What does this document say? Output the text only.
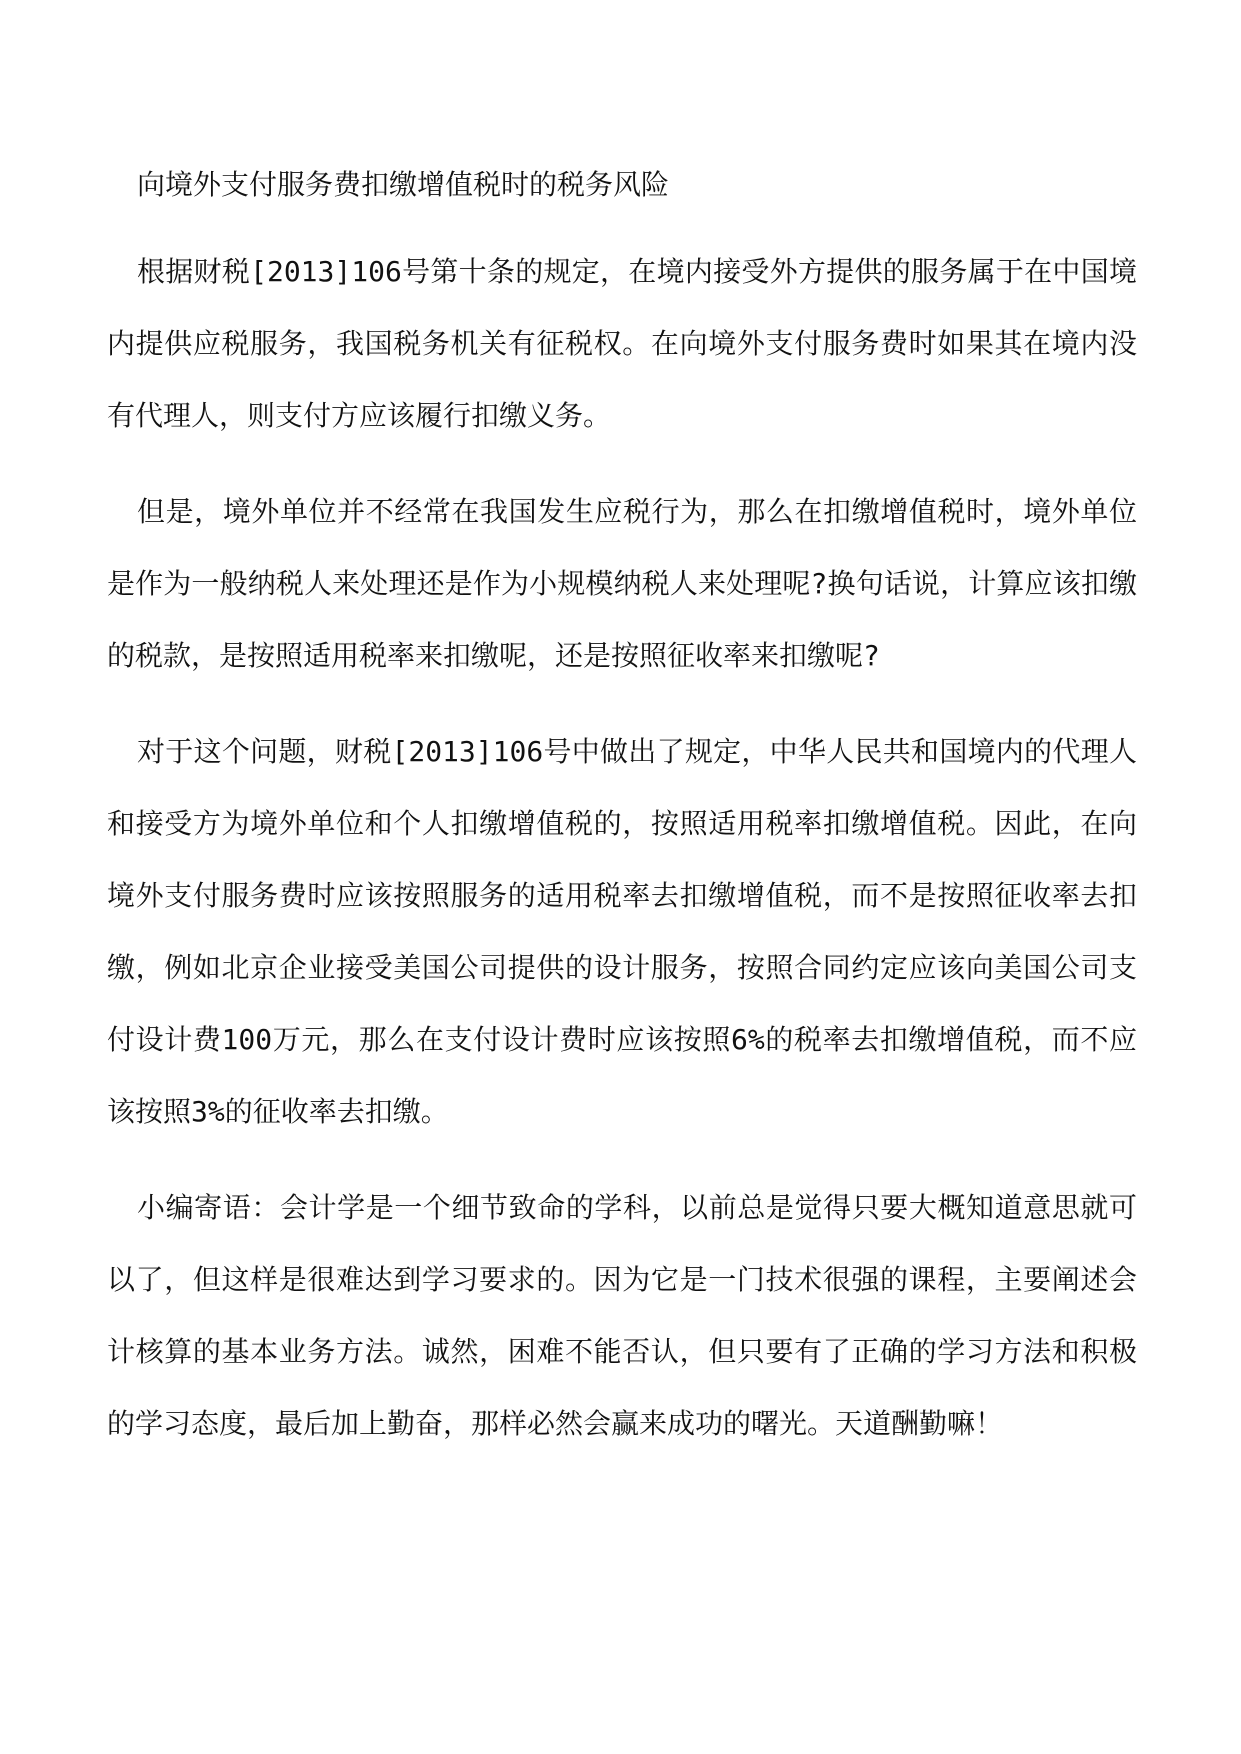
向境外支付服务费扣缴增值税时的税务风险

根据财税[2013]106号第十条的规定，在境内接受外方提供的服务属于在中国境内提供应税服务，我国税务机关有征税权。在向境外支付服务费时如果其在境内没有代理人，则支付方应该履行扣缴义务。

但是，境外单位并不经常在我国发生应税行为，那么在扣缴增值税时，境外单位是作为一般纳税人来处理还是作为小规模纳税人来处理呢?换句话说，计算应该扣缴的税款，是按照适用税率来扣缴呢，还是按照征收率来扣缴呢?

对于这个问题，财税[2013]106号中做出了规定，中华人民共和国境内的代理人和接受方为境外单位和个人扣缴增值税的，按照适用税率扣缴增值税。因此，在向境外支付服务费时应该按照服务的适用税率去扣缴增值税，而不是按照征收率去扣缴，例如北京企业接受美国公司提供的设计服务，按照合同约定应该向美国公司支付设计费100万元，那么在支付设计费时应该按照6%的税率去扣缴增值税，而不应该按照3%的征收率去扣缴。

小编寄语：会计学是一个细节致命的学科，以前总是觉得只要大概知道意思就可以了，但这样是很难达到学习要求的。因为它是一门技术很强的课程，主要阐述会计核算的基本业务方法。诚然，困难不能否认，但只要有了正确的学习方法和积极的学习态度，最后加上勤奋，那样必然会赢来成功的曙光。天道酬勤嘛！
